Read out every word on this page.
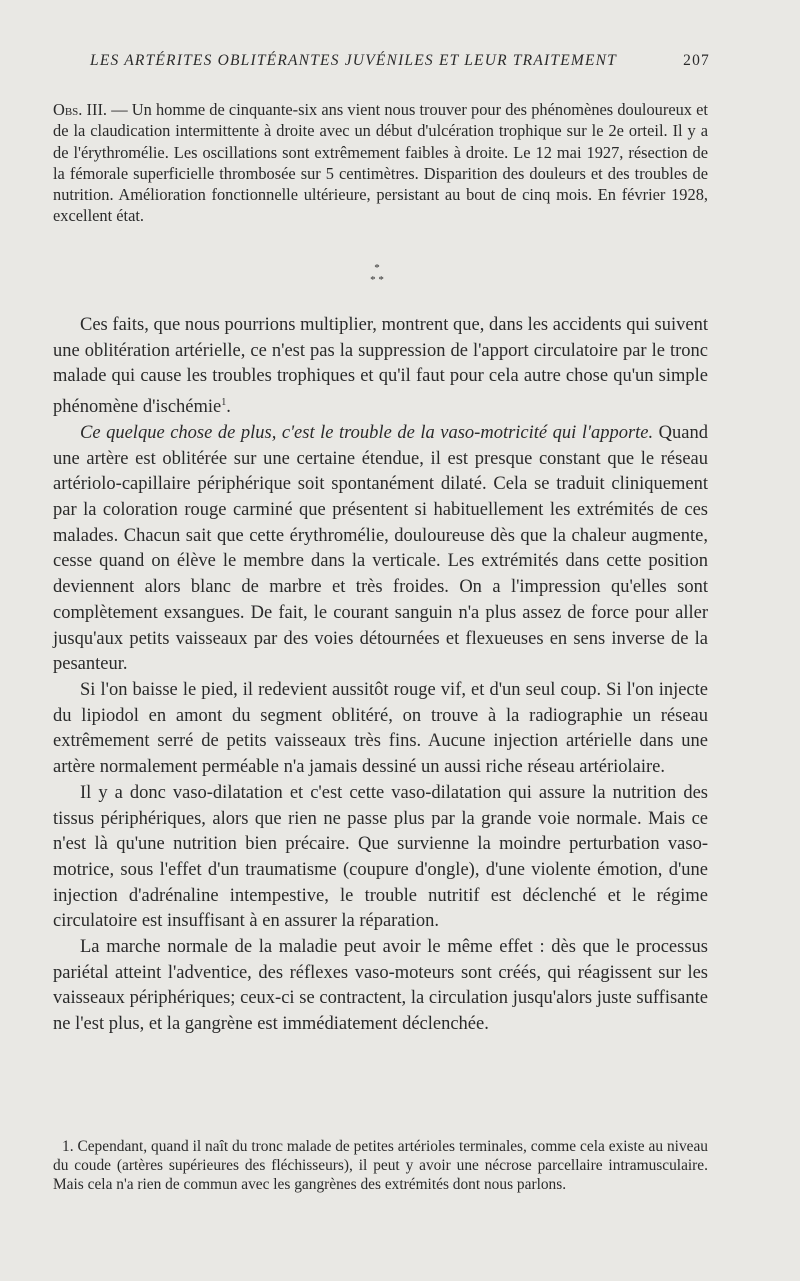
LES ARTÉRITES OBLITÉRANTES JUVÉNILES ET LEUR TRAITEMENT	207
Obs. III. — Un homme de cinquante-six ans vient nous trouver pour des phénomènes douloureux et de la claudication intermittente à droite avec un début d'ulcération trophique sur le 2e orteil. Il y a de l'érythromélie. Les oscillations sont extrêmement faibles à droite. Le 12 mai 1927, résection de la fémorale superficielle thrombosée sur 5 centimètres. Disparition des douleurs et des troubles de nutrition. Amélioration fonctionnelle ultérieure, persistant au bout de cinq mois. En février 1928, excellent état.
*
* *

Ces faits, que nous pourrions multiplier, montrent que, dans les accidents qui suivent une oblitération artérielle, ce n'est pas la suppression de l'apport circulatoire par le tronc malade qui cause les troubles trophiques et qu'il faut pour cela autre chose qu'un simple phénomène d'ischémie$^1$.

Ce quelque chose de plus, c'est le trouble de la vaso-motricité qui l'apporte. Quand une artère est oblitérée sur une certaine étendue, il est presque constant que le réseau artériolo-capillaire périphérique soit spontanément dilaté. Cela se traduit cliniquement par la coloration rouge carminé que présentent si habituellement les extrémités de ces malades. Chacun sait que cette érythromélie, douloureuse dès que la chaleur augmente, cesse quand on élève le membre dans la verticale. Les extrémités dans cette position deviennent alors blanc de marbre et très froides. On a l'impression qu'elles sont complètement exsangues. De fait, le courant sanguin n'a plus assez de force pour aller jusqu'aux petits vaisseaux par des voies détournées et flexueuses en sens inverse de la pesanteur.

Si l'on baisse le pied, il redevient aussitôt rouge vif, et d'un seul coup. Si l'on injecte du lipiodol en amont du segment oblitéré, on trouve à la radiographie un réseau extrêmement serré de petits vaisseaux très fins. Aucune injection artérielle dans une artère normalement perméable n'a jamais dessiné un aussi riche réseau artériolaire.

Il y a donc vaso-dilatation et c'est cette vaso-dilatation qui assure la nutrition des tissus périphériques, alors que rien ne passe plus par la grande voie normale. Mais ce n'est là qu'une nutrition bien précaire. Que survienne la moindre perturbation vaso-motrice, sous l'effet d'un traumatisme (coupure d'ongle), d'une violente émotion, d'une injection d'adrénaline intempestive, le trouble nutritif est déclenché et le régime circulatoire est insuffisant à en assurer la réparation.

La marche normale de la maladie peut avoir le même effet : dès que le processus pariétal atteint l'adventice, des réflexes vaso-moteurs sont créés, qui réagissent sur les vaisseaux périphériques; ceux-ci se contractent, la circulation jusqu'alors juste suffisante ne l'est plus, et la gangrène est immédiatement déclenchée.

1. Cependant, quand il naît du tronc malade de petites artérioles terminales, comme cela existe au niveau du coude (artères supérieures des fléchisseurs), il peut y avoir une nécrose parcellaire intramusculaire. Mais cela n'a rien de commun avec les gangrènes des extrémités dont nous parlons.
